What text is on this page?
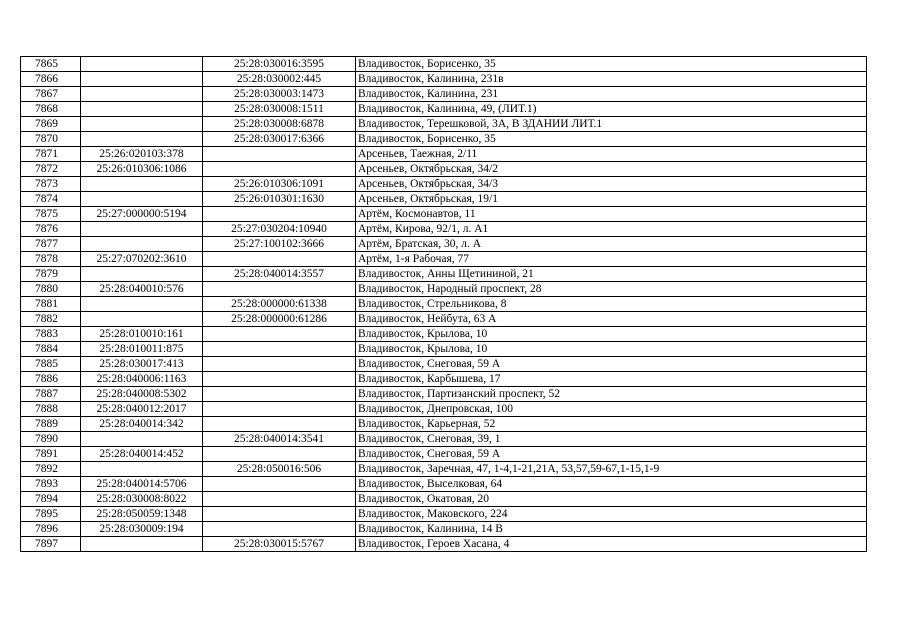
7865		25:28:030016:3595	Владивосток, Борисенко, 35
7866		25:28:030002:445	Владивосток, Калинина, 231в
7867		25:28:030003:1473	Владивосток, Калинина, 231
7868		25:28:030008:1511	Владивосток, Калинина, 49, (ЛИТ.1)
7869		25:28:030008:6878	Владивосток, Терешковой, 3А, В ЗДАНИИ ЛИТ.1
7870		25:28:030017:6366	Владивосток, Борисенко, 35
7871	25:26:020103:378		Арсеньев, Таежная, 2/11
7872	25:26:010306:1086		Арсеньев, Октябрьская, 34/2
7873		25:26:010306:1091	Арсеньев, Октябрьская, 34/3
7874		25:26:010301:1630	Арсеньев, Октябрьская, 19/1
7875	25:27:000000:5194		Артём, Космонавтов, 11
7876		25:27:030204:10940	Артём, Кирова, 92/1, л. А1
7877		25:27:100102:3666	Артём, Братская, 30, л. А
7878	25:27:070202:3610		Артём, 1-я Рабочая, 77
7879		25:28:040014:3557	Владивосток, Анны Щетининой, 21
7880	25:28:040010:576		Владивосток, Народный проспект, 28
7881		25:28:000000:61338	Владивосток, Стрельникова, 8
7882		25:28:000000:61286	Владивосток, Нейбута, 63 А
7883	25:28:010010:161		Владивосток, Крылова, 10
7884	25:28:010011:875		Владивосток, Крылова, 10
7885	25:28:030017:413		Владивосток, Снеговая, 59 А
7886	25:28:040006:1163		Владивосток, Карбышева, 17
7887	25:28:040008:5302		Владивосток, Партизанский проспект, 52
7888	25:28:040012:2017		Владивосток, Днепровская, 100
7889	25:28:040014:342		Владивосток, Карьерная, 52
7890		25:28:040014:3541	Владивосток, Снеговая, 39, 1
7891	25:28:040014:452		Владивосток, Снеговая, 59 А
7892		25:28:050016:506	Владивосток, Заречная, 47, 1-4,1-21,21А, 53,57,59-67,1-15,1-9
7893	25:28:040014:5706		Владивосток, Выселковая, 64
7894	25:28:030008:8022		Владивосток, Окатовая, 20
7895	25:28:050059:1348		Владивосток, Маковского, 224
7896	25:28:030009:194		Владивосток, Калинина, 14 В
7897		25:28:030015:5767	Владивосток, Героев Хасана, 4
